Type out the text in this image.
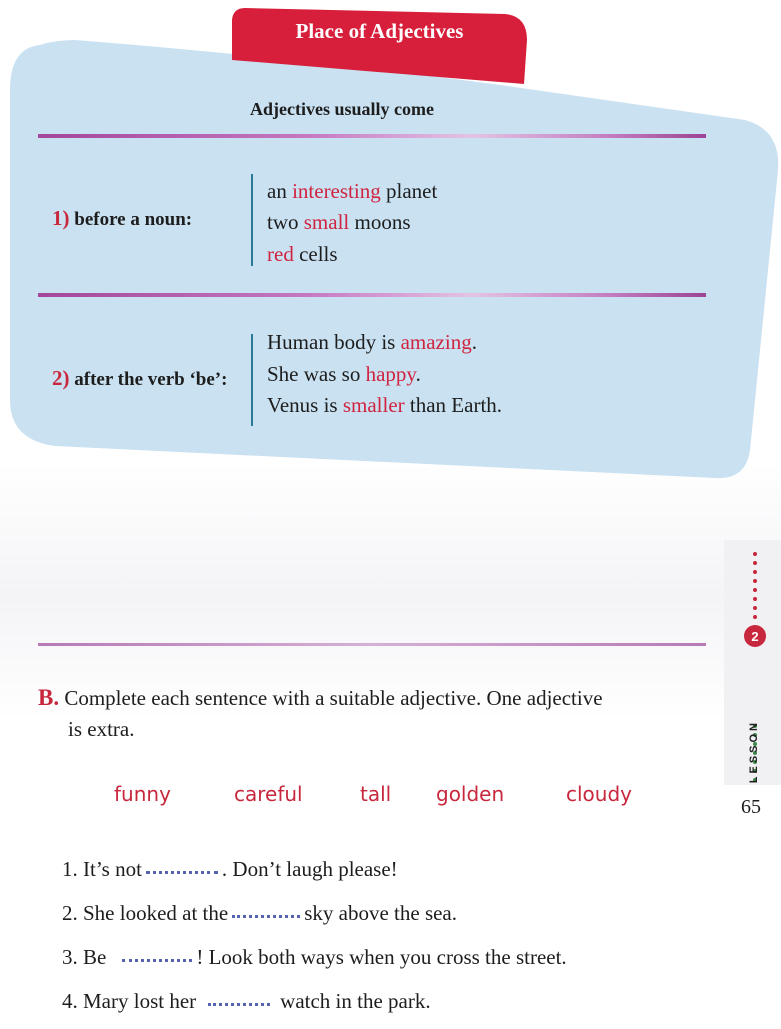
Place of Adjectives
Adjectives usually come
1) before a noun:
an interesting planet
two small moons
red cells
2) after the verb ‘be’:
Human body is amazing.
She was so happy.
Venus is smaller than Earth.
2
LESSON
65
B. Complete each sentence with a suitable adjective. One adjective
is extra.
funny	careful	tall golden	cloudy
1. It’s not	. Don’t laugh please!
2. She looked at the	sky above the sea.
3. Be	! Look both ways when you cross the street.
4. Mary lost her	watch in the park.
